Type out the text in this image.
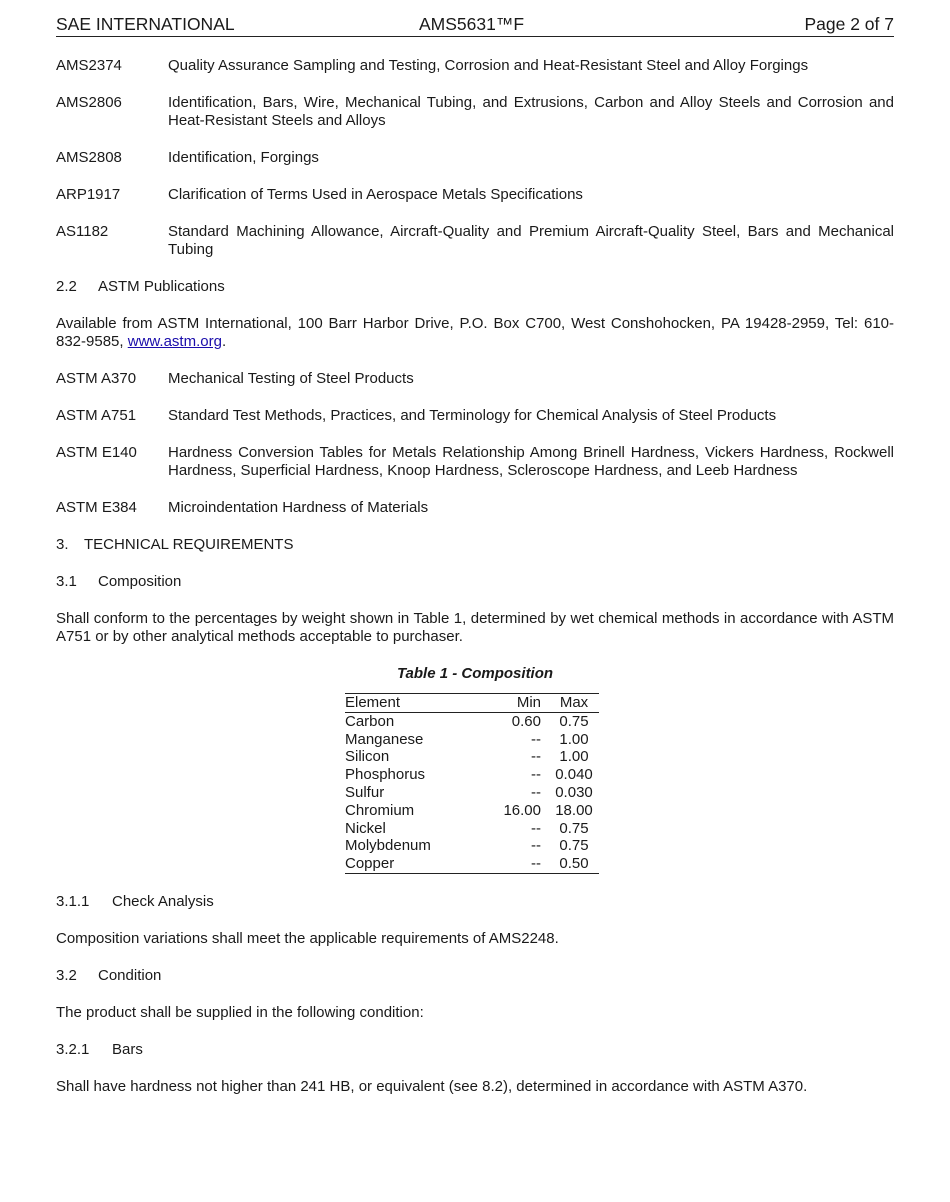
SAE INTERNATIONAL	AMS5631™F	Page 2 of 7
AMS2374	Quality Assurance Sampling and Testing, Corrosion and Heat-Resistant Steel and Alloy Forgings
AMS2806	Identification, Bars, Wire, Mechanical Tubing, and Extrusions, Carbon and Alloy Steels and Corrosion and Heat-Resistant Steels and Alloys
AMS2808	Identification, Forgings
ARP1917	Clarification of Terms Used in Aerospace Metals Specifications
AS1182	Standard Machining Allowance, Aircraft-Quality and Premium Aircraft-Quality Steel, Bars and Mechanical Tubing
2.2 ASTM Publications
Available from ASTM International, 100 Barr Harbor Drive, P.O. Box C700, West Conshohocken, PA 19428-2959, Tel: 610-832-9585, www.astm.org.
ASTM A370 Mechanical Testing of Steel Products
ASTM A751 Standard Test Methods, Practices, and Terminology for Chemical Analysis of Steel Products
ASTM E140 Hardness Conversion Tables for Metals Relationship Among Brinell Hardness, Vickers Hardness, Rockwell Hardness, Superficial Hardness, Knoop Hardness, Scleroscope Hardness, and Leeb Hardness
ASTM E384 Microindentation Hardness of Materials
3. TECHNICAL REQUIREMENTS
3.1 Composition
Shall conform to the percentages by weight shown in Table 1, determined by wet chemical methods in accordance with ASTM A751 or by other analytical methods acceptable to purchaser.
Table 1 - Composition
Element	Min	Max
Carbon	0.60	0.75
Manganese	--	1.00
Silicon	--	1.00
Phosphorus	--	0.040
Sulfur	--	0.030
Chromium	16.00	18.00
Nickel	--	0.75
Molybdenum	--	0.75
Copper	--	0.50
3.1.1 Check Analysis
Composition variations shall meet the applicable requirements of AMS2248.
3.2 Condition
The product shall be supplied in the following condition:
3.2.1 Bars
Shall have hardness not higher than 241 HB, or equivalent (see 8.2), determined in accordance with ASTM A370.
